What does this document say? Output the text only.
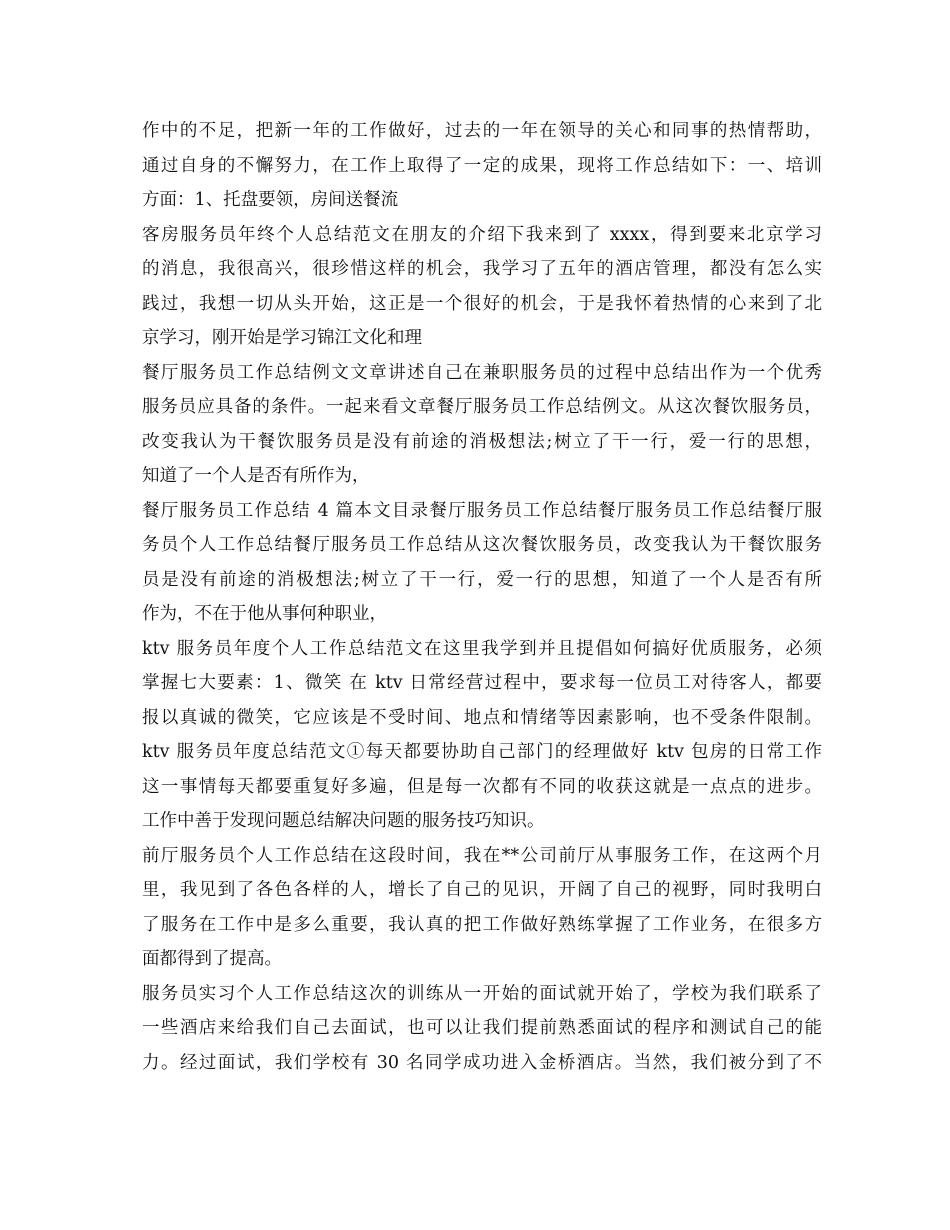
作中的不足，把新一年的工作做好，过去的一年在领导的关心和同事的热情帮助，
通过自身的不懈努力，在工作上取得了一定的成果，现将工作总结如下：一、培训
方面：1、托盘要领，房间送餐流
客房服务员年终个人总结范文在朋友的介绍下我来到了 xxxx，得到要来北京学习
的消息，我很高兴，很珍惜这样的机会，我学习了五年的酒店管理，都没有怎么实
践过，我想一切从头开始，这正是一个很好的机会，于是我怀着热情的心来到了北
京学习，刚开始是学习锦江文化和理
餐厅服务员工作总结例文文章讲述自己在兼职服务员的过程中总结出作为一个优秀
服务员应具备的条件。一起来看文章餐厅服务员工作总结例文。从这次餐饮服务员，
改变我认为干餐饮服务员是没有前途的消极想法;树立了干一行，爱一行的思想，
知道了一个人是否有所作为，
餐厅服务员工作总结 4 篇本文目录餐厅服务员工作总结餐厅服务员工作总结餐厅服
务员个人工作总结餐厅服务员工作总结从这次餐饮服务员，改变我认为干餐饮服务
员是没有前途的消极想法;树立了干一行，爱一行的思想，知道了一个人是否有所
作为，不在于他从事何种职业，
ktv 服务员年度个人工作总结范文在这里我学到并且提倡如何搞好优质服务，必须
掌握七大要素：1、微笑 在 ktv 日常经营过程中，要求每一位员工对待客人，都要
报以真诚的微笑，它应该是不受时间、地点和情绪等因素影响，也不受条件限制。
ktv 服务员年度总结范文①每天都要协助自己部门的经理做好 ktv 包房的日常工作
这一事情每天都要重复好多遍，但是每一次都有不同的收获这就是一点点的进步。
工作中善于发现问题总结解决问题的服务技巧知识。
前厅服务员个人工作总结在这段时间，我在**公司前厅从事服务工作，在这两个月
里，我见到了各色各样的人，增长了自己的见识，开阔了自己的视野，同时我明白
了服务在工作中是多么重要，我认真的把工作做好熟练掌握了工作业务，在很多方
面都得到了提高。
服务员实习个人工作总结这次的训练从一开始的面试就开始了，学校为我们联系了
一些酒店来给我们自己去面试，也可以让我们提前熟悉面试的程序和测试自己的能
力。经过面试，我们学校有 30 名同学成功进入金桥酒店。当然，我们被分到了不
